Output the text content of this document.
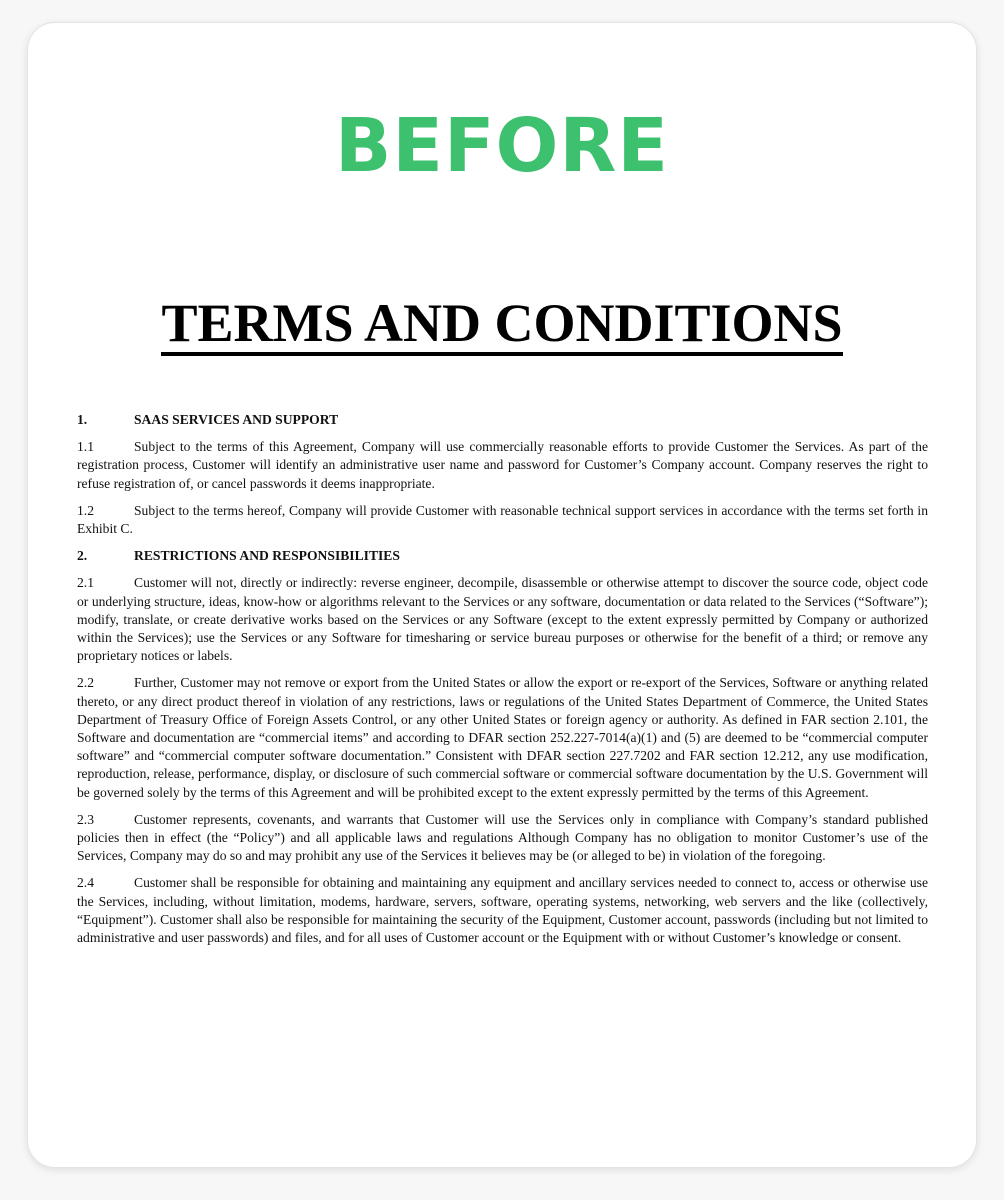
BEFORE
TERMS AND CONDITIONS
1.	SAAS SERVICES AND SUPPORT

1.1	Subject to the terms of this Agreement, Company will use commercially reasonable efforts to provide Customer the Services. As part of the registration process, Customer will identify an administrative user name and password for Customer’s Company account. Company reserves the right to refuse registration of, or cancel passwords it deems inappropriate.

1.2	Subject to the terms hereof, Company will provide Customer with reasonable technical support services in accordance with the terms set forth in Exhibit C.

2.	RESTRICTIONS AND RESPONSIBILITIES

2.1	Customer will not, directly or indirectly: reverse engineer, decompile, disassemble or otherwise attempt to discover the source code, object code or underlying structure, ideas, know-how or algorithms relevant to the Services or any software, documentation or data related to the Services (“Software”); modify, translate, or create derivative works based on the Services or any Software (except to the extent expressly permitted by Company or authorized within the Services); use the Services or any Software for timesharing or service bureau purposes or otherwise for the benefit of a third; or remove any proprietary notices or labels.

2.2	Further, Customer may not remove or export from the United States or allow the export or re-export of the Services, Software or anything related thereto, or any direct product thereof in violation of any restrictions, laws or regulations of the United States Department of Commerce, the United States Department of Treasury Office of Foreign Assets Control, or any other United States or foreign agency or authority. As defined in FAR section 2.101, the Software and documentation are “commercial items” and according to DFAR section 252.227-7014(a)(1) and (5) are deemed to be “commercial computer software” and “commercial computer software documentation.” Consistent with DFAR section 227.7202 and FAR section 12.212, any use modification, reproduction, release, performance, display, or disclosure of such commercial software or commercial software documentation by the U.S. Government will be governed solely by the terms of this Agreement and will be prohibited except to the extent expressly permitted by the terms of this Agreement.

2.3	Customer represents, covenants, and warrants that Customer will use the Services only in compliance with Company’s standard published policies then in effect (the “Policy”) and all applicable laws and regulations Although Company has no obligation to monitor Customer’s use of the Services, Company may do so and may prohibit any use of the Services it believes may be (or alleged to be) in violation of the foregoing.

2.4	Customer shall be responsible for obtaining and maintaining any equipment and ancillary services needed to connect to, access or otherwise use the Services, including, without limitation, modems, hardware, servers, software, operating systems, networking, web servers and the like (collectively, “Equipment”). Customer shall also be responsible for maintaining the security of the Equipment, Customer account, passwords (including but not limited to administrative and user passwords) and files, and for all uses of Customer account or the Equipment with or without Customer’s knowledge or consent.
